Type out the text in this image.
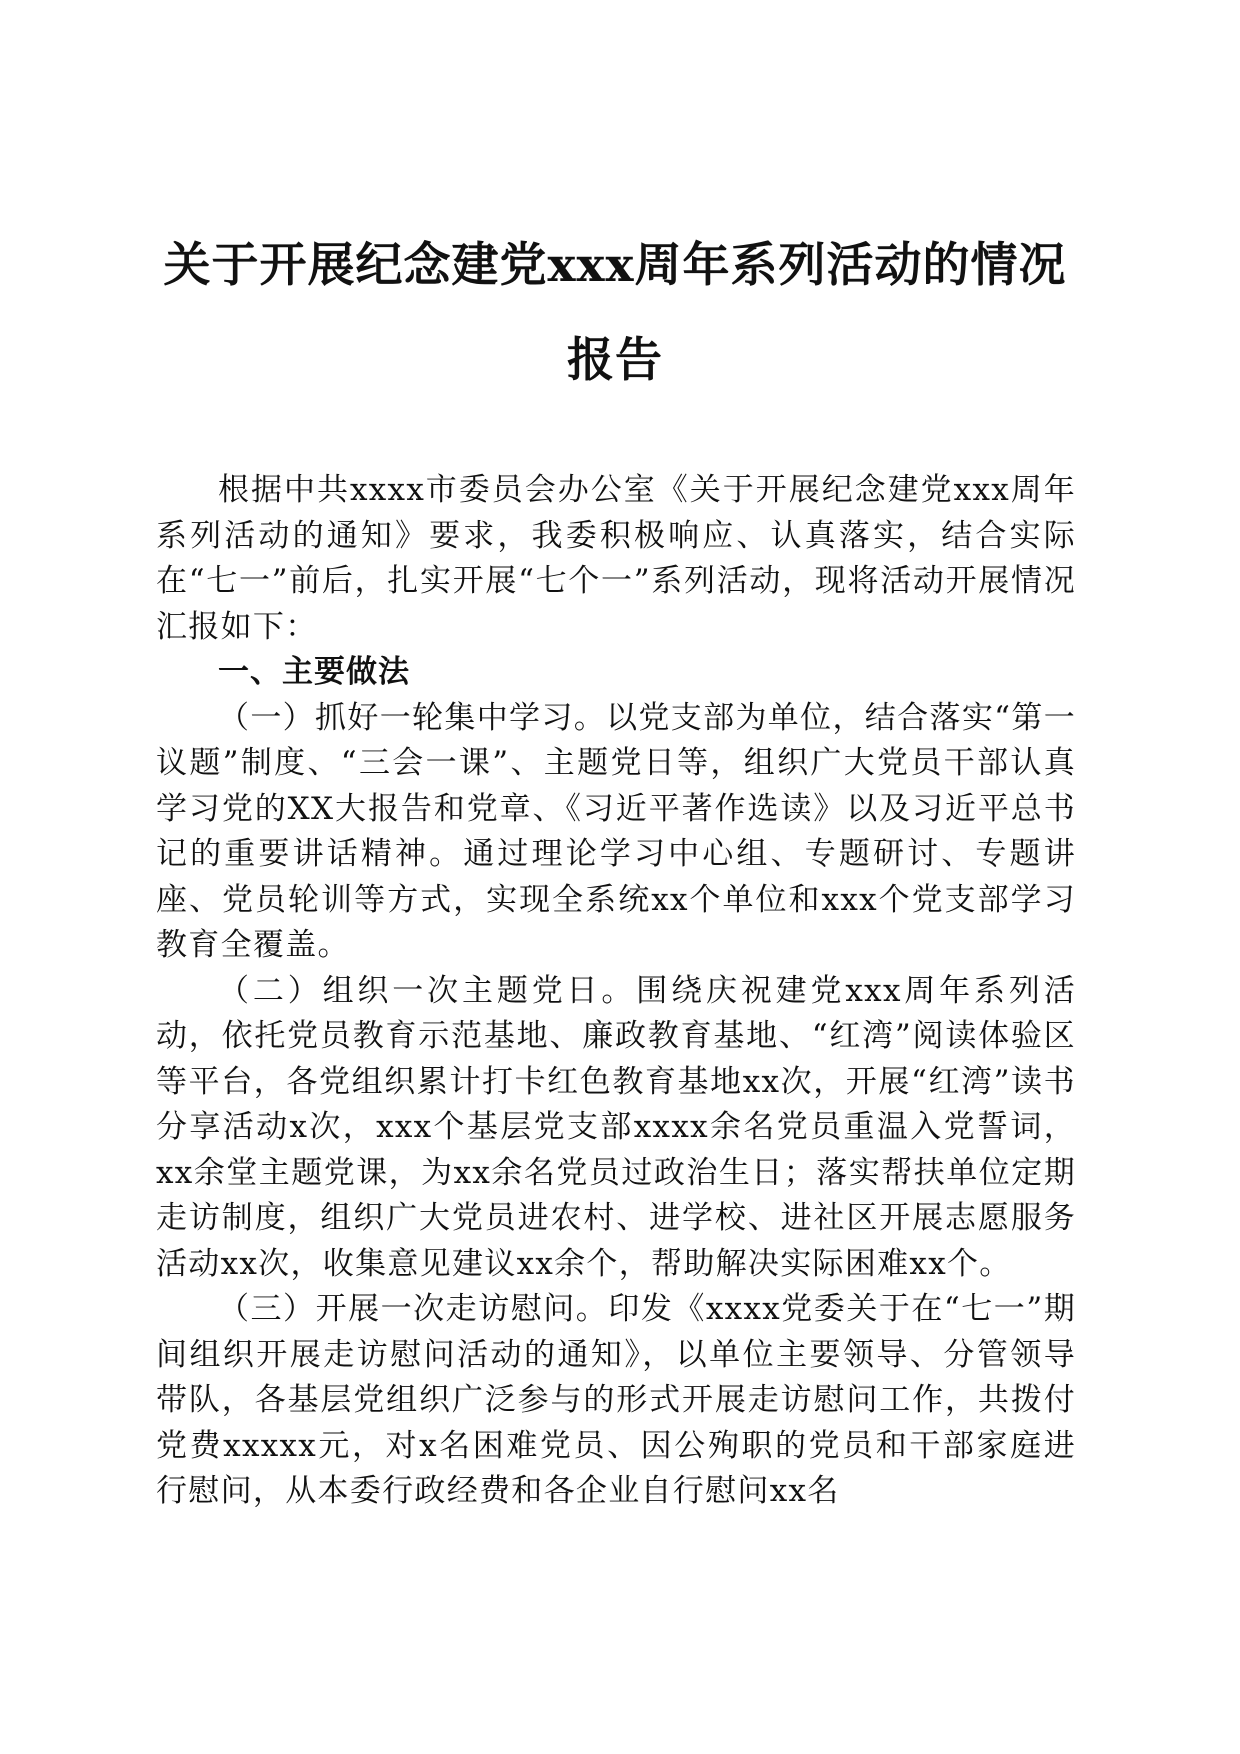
关于开展纪念建党xxx周年系列活动的情况报告

根据中共xxxx市委员会办公室《关于开展纪念建党xxx周年系列活动的通知》要求，我委积极响应、认真落实，结合实际在“七一”前后，扎实开展“七个一”系列活动，现将活动开展情况汇报如下：

一、主要做法

（一）抓好一轮集中学习。以党支部为单位，结合落实“第一议题”制度、“三会一课”、主题党日等，组织广大党员干部认真学习党的XX大报告和党章、《习近平著作选读》以及习近平总书记的重要讲话精神。通过理论学习中心组、专题研讨、专题讲座、党员轮训等方式，实现全系统xx个单位和xxx个党支部学习教育全覆盖。

（二）组织一次主题党日。围绕庆祝建党xxx周年系列活动，依托党员教育示范基地、廉政教育基地、“红湾”阅读体验区等平台，各党组织累计打卡红色教育基地xx次，开展“红湾”读书分享活动x次，xxx个基层党支部xxxx余名党员重温入党誓词，xx余堂主题党课，为xx余名党员过政治生日；落实帮扶单位定期走访制度，组织广大党员进农村、进学校、进社区开展志愿服务活动xx次，收集意见建议xx余个，帮助解决实际困难xx个。

（三）开展一次走访慰问。印发《xxxx党委关于在“七一”期间组织开展走访慰问活动的通知》，以单位主要领导、分管领导带队，各基层党组织广泛参与的形式开展走访慰问工作，共拨付党费xxxxx元，对x名困难党员、因公殉职的党员和干部家庭进行慰问，从本委行政经费和各企业自行慰问xx名
